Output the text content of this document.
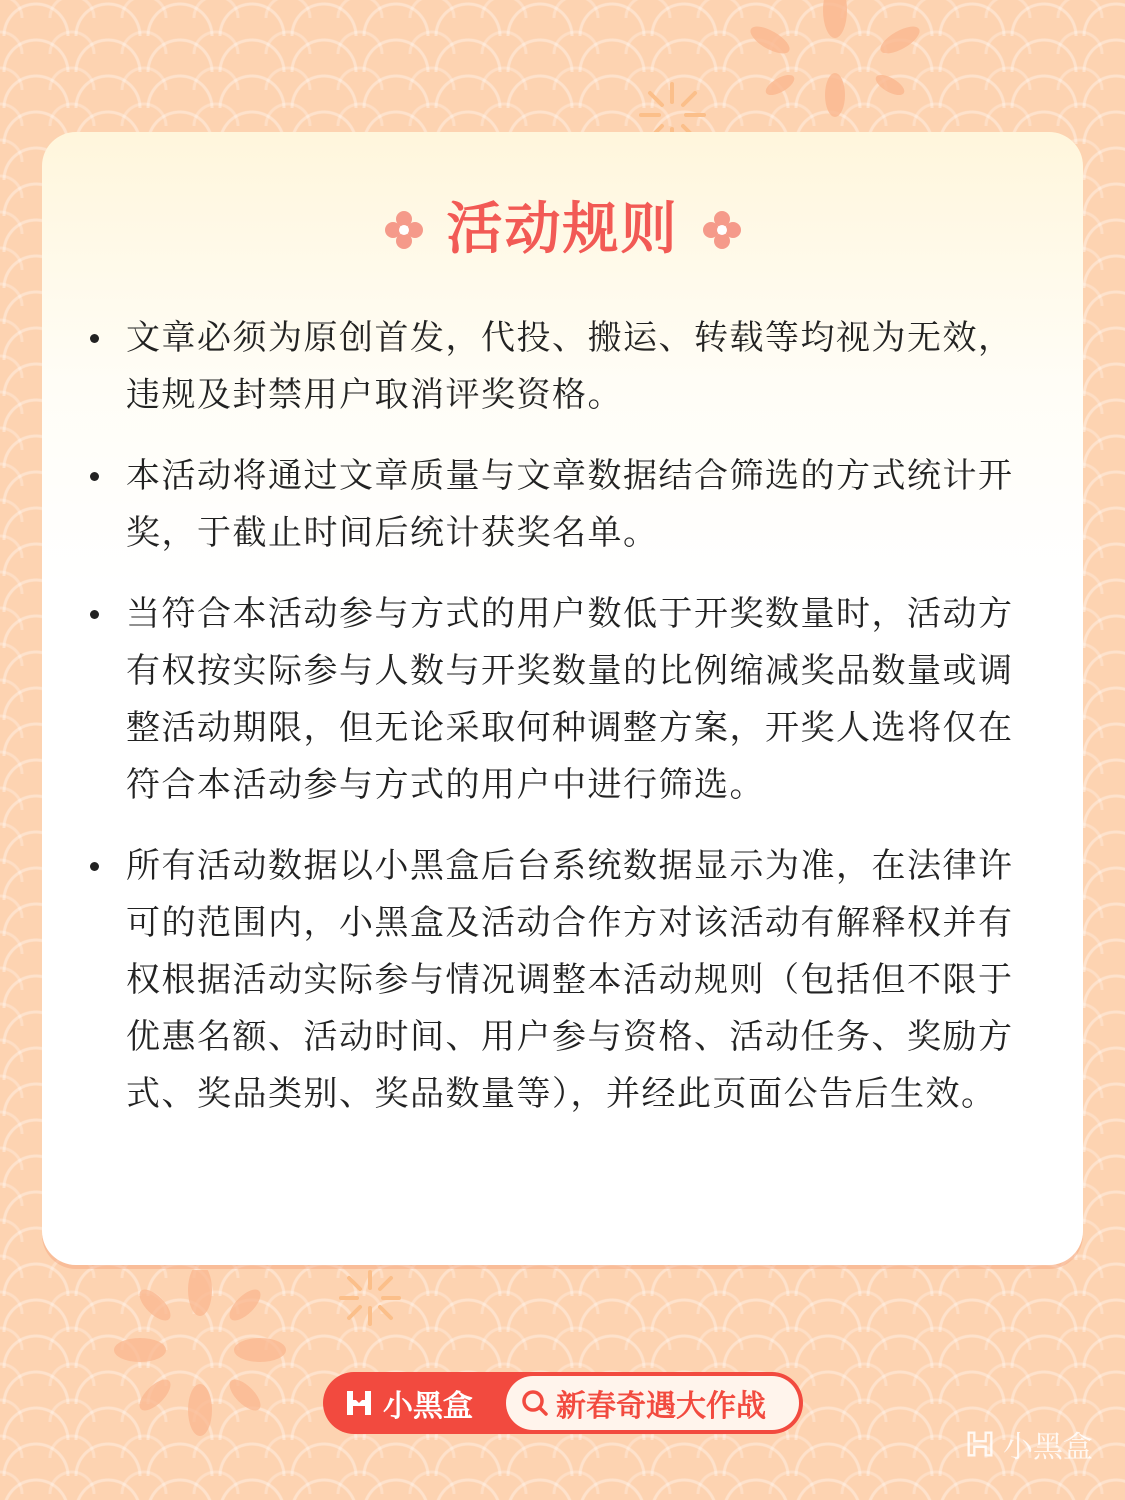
活动规则
文章必须为原创首发，代投、搬运、转载等均视为无效，违规及封禁用户取消评奖资格。
本活动将通过文章质量与文章数据结合筛选的方式统计开奖，于截止时间后统计获奖名单。
当符合本活动参与方式的用户数低于开奖数量时，活动方有权按实际参与人数与开奖数量的比例缩减奖品数量或调整活动期限，但无论采取何种调整方案，开奖人选将仅在符合本活动参与方式的用户中进行筛选。
所有活动数据以小黑盒后台系统数据显示为准，在法律许可的范围内，小黑盒及活动合作方对该活动有解释权并有权根据活动实际参与情况调整本活动规则（包括但不限于优惠名额、活动时间、用户参与资格、活动任务、奖励方式、奖品类别、奖品数量等），并经此页面公告后生效。
小黑盒	新春奇遇大作战
小黑盒
